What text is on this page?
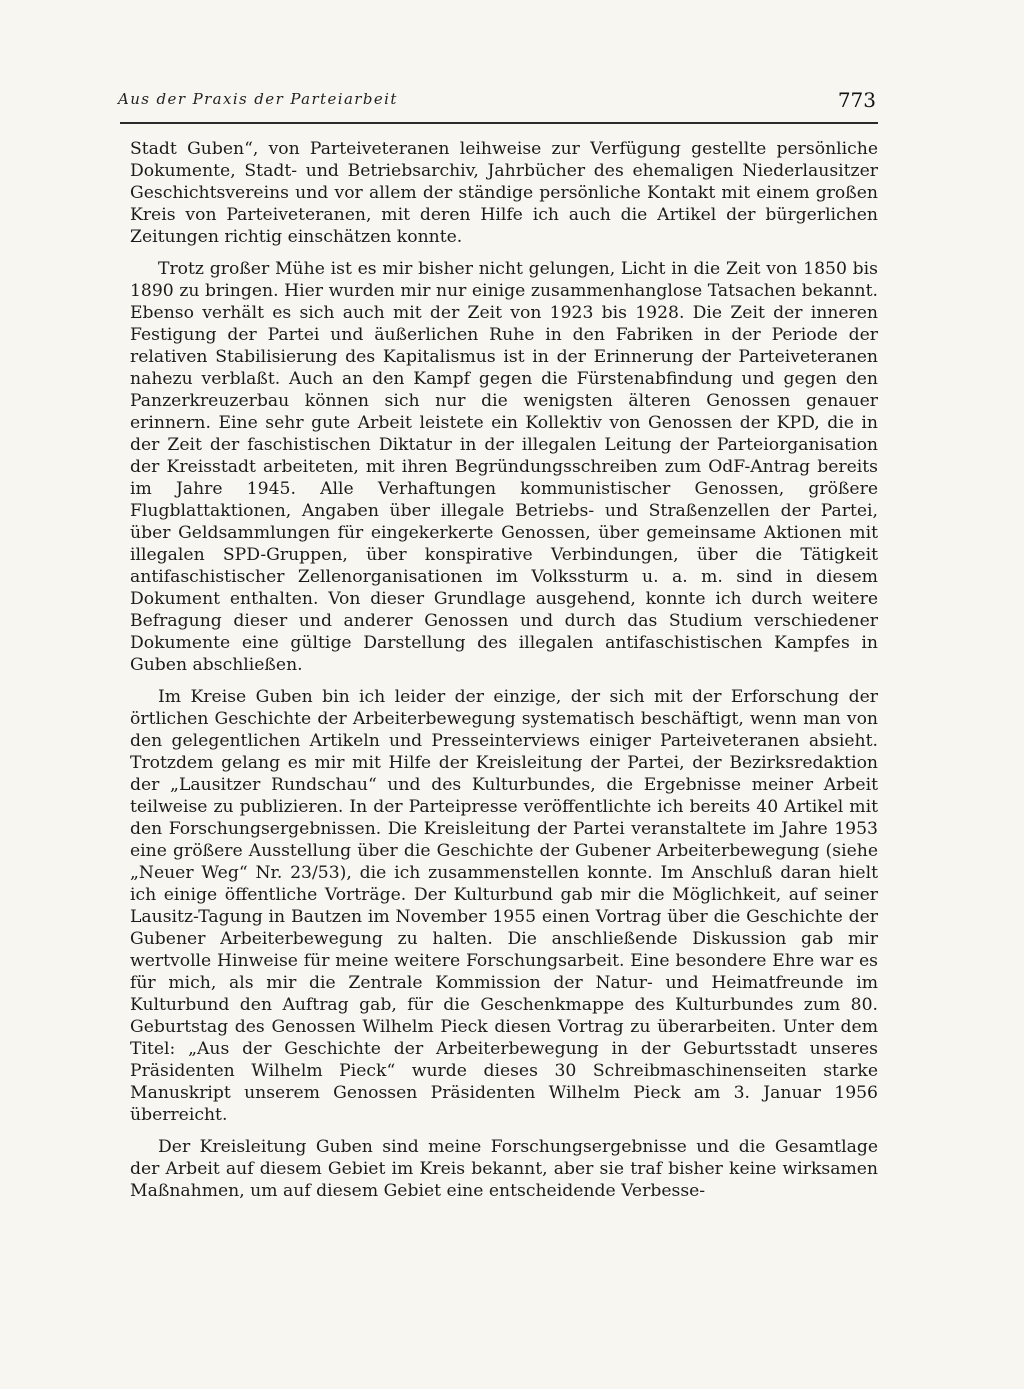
Aus der Praxis der Parteiarbeit	773

Stadt Guben“, von Parteiveteranen leihweise zur Verfügung gestellte persönliche Dokumente, Stadt- und Betriebsarchiv, Jahrbücher des ehemaligen Niederlausitzer Geschichtsvereins und vor allem der ständige persönliche Kontakt mit einem großen Kreis von Parteiveteranen, mit deren Hilfe ich auch die Artikel der bürgerlichen Zeitungen richtig einschätzen konnte.

Trotz großer Mühe ist es mir bisher nicht gelungen, Licht in die Zeit von 1850 bis 1890 zu bringen. Hier wurden mir nur einige zusammenhanglose Tatsachen bekannt. Ebenso verhält es sich auch mit der Zeit von 1923 bis 1928. Die Zeit der inneren Festigung der Partei und äußerlichen Ruhe in den Fabriken in der Periode der relativen Stabilisierung des Kapitalismus ist in der Erinnerung der Parteiveteranen nahezu verblaßt. Auch an den Kampf gegen die Fürstenabfindung und gegen den Panzerkreuzerbau können sich nur die wenigsten älteren Genossen genauer erinnern. Eine sehr gute Arbeit leistete ein Kollektiv von Genossen der KPD, die in der Zeit der faschistischen Diktatur in der illegalen Leitung der Parteiorganisation der Kreisstadt arbeiteten, mit ihren Begründungsschreiben zum OdF-Antrag bereits im Jahre 1945. Alle Verhaftungen kommunistischer Genossen, größere Flugblattaktionen, Angaben über illegale Betriebs- und Straßenzellen der Partei, über Geldsammlungen für eingekerkerte Genossen, über gemeinsame Aktionen mit illegalen SPD-Gruppen, über konspirative Verbindungen, über die Tätigkeit antifaschistischer Zellenorganisationen im Volkssturm u. a. m. sind in diesem Dokument enthalten. Von dieser Grundlage ausgehend, konnte ich durch weitere Befragung dieser und anderer Genossen und durch das Studium verschiedener Dokumente eine gültige Darstellung des illegalen antifaschistischen Kampfes in Guben abschließen.

Im Kreise Guben bin ich leider der einzige, der sich mit der Erforschung der örtlichen Geschichte der Arbeiterbewegung systematisch beschäftigt, wenn man von den gelegentlichen Artikeln und Presseinterviews einiger Parteiveteranen absieht. Trotzdem gelang es mir mit Hilfe der Kreisleitung der Partei, der Bezirksredaktion der „Lausitzer Rundschau“ und des Kulturbundes, die Ergebnisse meiner Arbeit teilweise zu publizieren. In der Parteipresse veröffentlichte ich bereits 40 Artikel mit den Forschungsergebnissen. Die Kreisleitung der Partei veranstaltete im Jahre 1953 eine größere Ausstellung über die Geschichte der Gubener Arbeiterbewegung (siehe „Neuer Weg“ Nr. 23/53), die ich zusammenstellen konnte. Im Anschluß daran hielt ich einige öffentliche Vorträge. Der Kulturbund gab mir die Möglichkeit, auf seiner Lausitz-Tagung in Bautzen im November 1955 einen Vortrag über die Geschichte der Gubener Arbeiterbewegung zu halten. Die anschließende Diskussion gab mir wertvolle Hinweise für meine weitere Forschungsarbeit. Eine besondere Ehre war es für mich, als mir die Zentrale Kommission der Natur- und Heimatfreunde im Kulturbund den Auftrag gab, für die Geschenkmappe des Kulturbundes zum 80. Geburtstag des Genossen Wilhelm Pieck diesen Vortrag zu überarbeiten. Unter dem Titel: „Aus der Geschichte der Arbeiterbewegung in der Geburtsstadt unseres Präsidenten Wilhelm Pieck“ wurde dieses 30 Schreibmaschinenseiten starke Manuskript unserem Genossen Präsidenten Wilhelm Pieck am 3. Januar 1956 überreicht.

Der Kreisleitung Guben sind meine Forschungsergebnisse und die Gesamtlage der Arbeit auf diesem Gebiet im Kreis bekannt, aber sie traf bisher keine wirksamen Maßnahmen, um auf diesem Gebiet eine entscheidende Verbesse-
